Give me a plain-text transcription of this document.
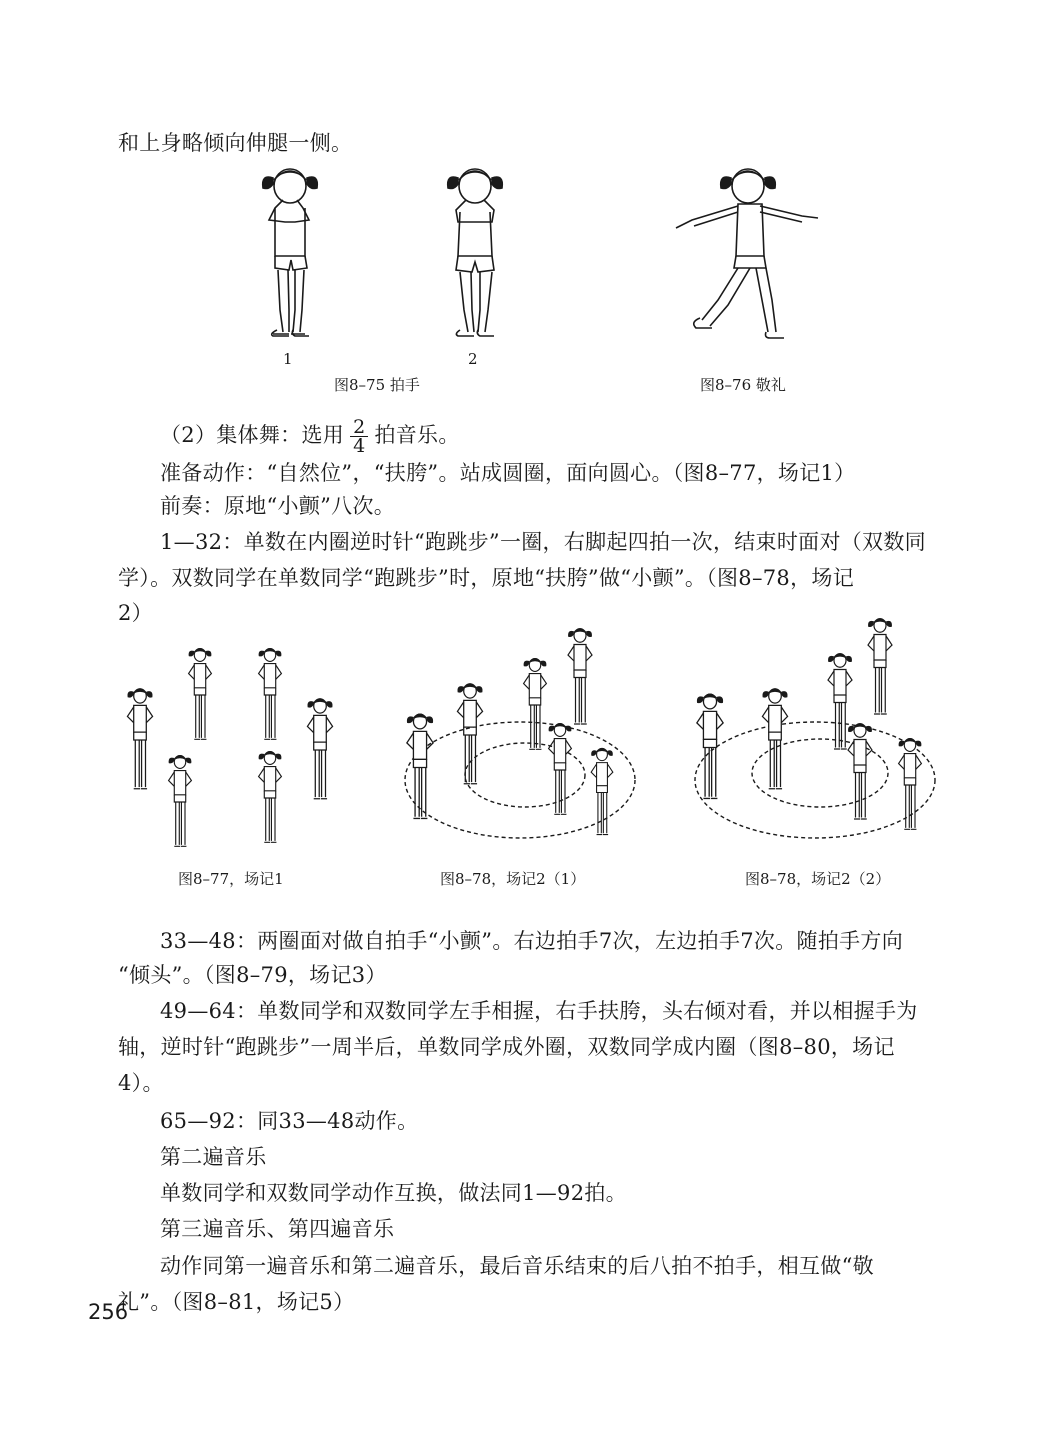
和上身略倾向伸腿一侧。
1	2
图8–75 拍手	图8–76 敬礼
（2）集体舞：选用 $\frac{2}{4}$ 拍音乐。
准备动作：“自然位”，“扶胯”。站成圆圈，面向圆心。（图8–77，场记1）
前奏：原地“小颤”八次。
1—32：单数在内圈逆时针“跑跳步”一圈，右脚起四拍一次，结束时面对（双数同
学）。双数同学在单数同学“跑跳步”时，原地“扶胯”做“小颤”。（图8–78，场记
2）
图8–77，场记1	图8–78，场记2（1）	图8–78，场记2（2）
33—48：两圈面对做自拍手“小颤”。右边拍手7次，左边拍手7次。随拍手方向
“倾头”。（图8–79，场记3）
49—64：单数同学和双数同学左手相握，右手扶胯，头右倾对看，并以相握手为
轴，逆时针“跑跳步”一周半后，单数同学成外圈，双数同学成内圈（图8–80，场记
4）。
65—92：同33—48动作。
第二遍音乐
单数同学和双数同学动作互换，做法同1—92拍。
第三遍音乐、第四遍音乐
动作同第一遍音乐和第二遍音乐，最后音乐结束的后八拍不拍手，相互做“敬
礼”。（图8–81，场记5）
256
